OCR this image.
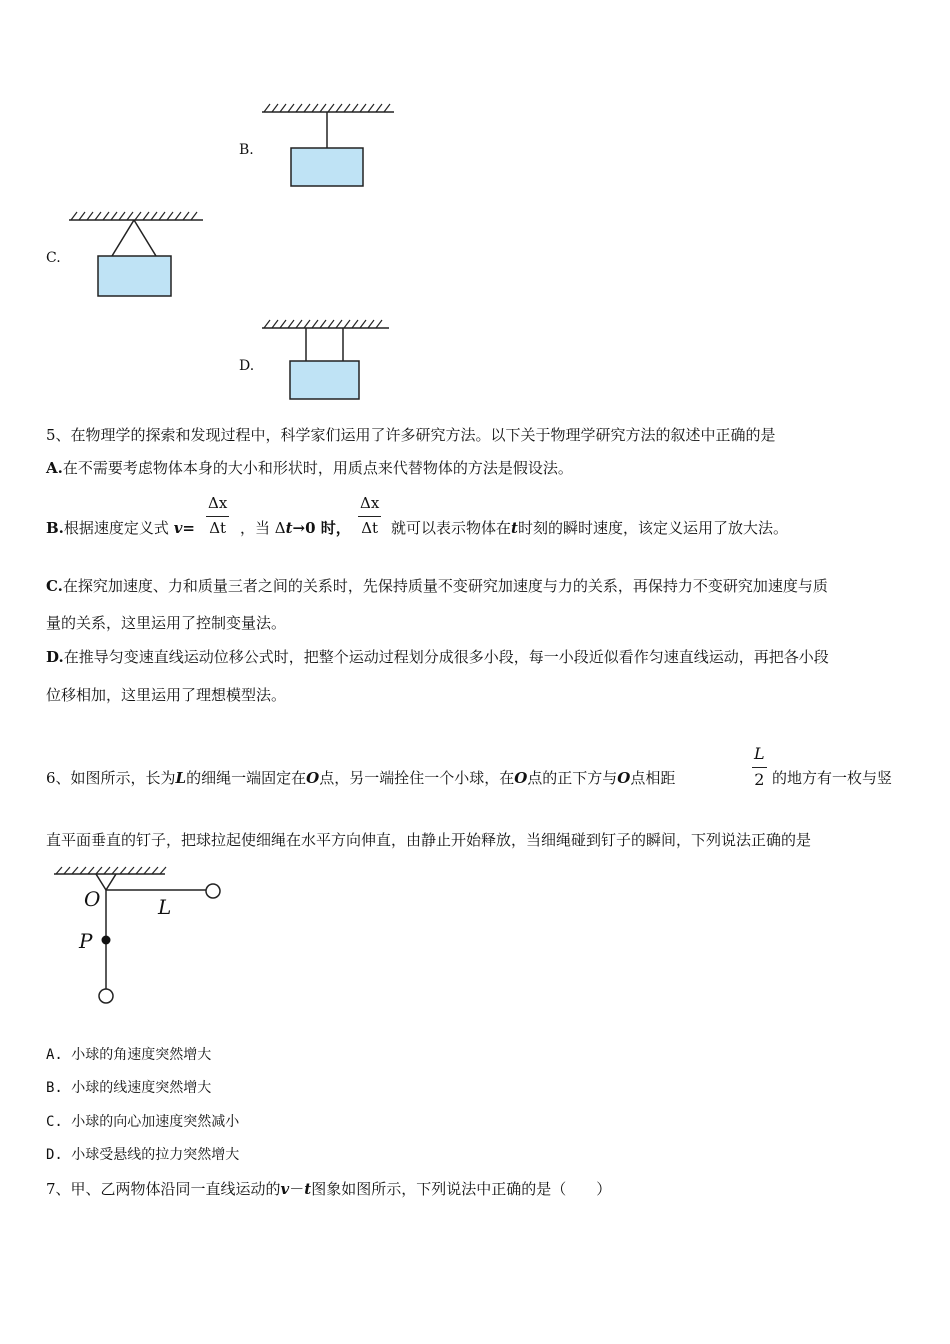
B.
C.
D.
5、在物理学的探索和发现过程中，科学家们运用了许多研究方法。以下关于物理学研究方法的叙述中正确的是
A.在不需要考虑物体本身的大小和形状时，用质点来代替物体的方法是假设法。
B.根据速度定义式 $v= \frac{\Delta x}{\Delta t}$ ，当 Δt→0 时， $\frac{\Delta x}{\Delta t}$ 就可以表示物体在t时刻的瞬时速度，该定义运用了放大法。
C.在探究加速度、力和质量三者之间的关系时，先保持质量不变研究加速度与力的关系，再保持力不变研究加速度与质
量的关系，这里运用了控制变量法。
D.在推导匀变速直线运动位移公式时，把整个运动过程划分成很多小段，每一小段近似看作匀速直线运动，再把各小段
位移相加，这里运用了理想模型法。
6、如图所示，长为L的细绳一端固定在O点，另一端拴住一个小球，在O点的正下方与O点相距	$\frac{L}{2}$ 的地方有一枚与竖
直平面垂直的钉子，把球拉起使细绳在水平方向伸直，由静止开始释放，当细绳碰到钉子的瞬间，下列说法正确的是
O	L
P
A. 小球的角速度突然增大
B. 小球的线速度突然增大
C. 小球的向心加速度突然减小
D. 小球受悬线的拉力突然增大
7、甲、乙两物体沿同一直线运动的v－t图象如图所示，下列说法中正确的是（　　）
